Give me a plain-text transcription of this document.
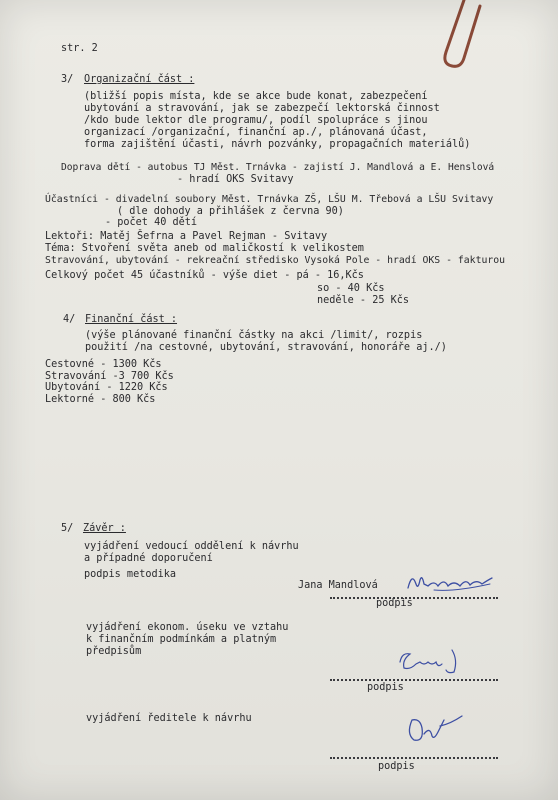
str. 2
3/ Organizační část :
(bližší popis místa, kde se akce bude konat, zabezpečení
ubytování a stravování, jak se zabezpečí lektorská činnost
/kdo bude lektor dle programu/, podíl spolupráce s jinou
organizací /organizační, finanční ap./, plánovaná účast,
forma zajištění účasti, návrh pozvánky, propagačních materiálů)
Doprava dětí - autobus TJ Měst. Trnávka - zajistí J. Mandlová a E. Henslová
- hradí OKS Svitavy
Účastníci - divadelní soubory Měst. Trnávka ZŠ, LŠU M. Třebová a LŠU Svitavy
( dle dohody a přihlášek z června 90)
- počet 40 dětí
Lektoři: Matěj Šefrna a Pavel Rejman - Svitavy
Téma: Stvoření světa aneb od maličkostí k velikostem
Stravování, ubytování - rekreační středisko Vysoká Pole - hradí OKS - fakturou
Celkový počet 45 účastníků - výše diet - pá - 16,Kčs
so - 40 Kčs
neděle - 25 Kčs
4/ Finanční část :
(výše plánované finanční částky na akci /limit/, rozpis
použití /na cestovné, ubytování, stravování, honoráře aj./)
Cestovné - 1300 Kčs
Stravování -3 700 Kčs
Ubytování - 1220 Kčs
Lektorné - 800 Kčs
5/ Závěr :
vyjádření vedoucí oddělení k návrhu
a případné doporučení
podpis metodika
Jana Mandlová
podpis
vyjádření ekonom. úseku ve vztahu
k finančním podmínkám a platným
předpisům
podpis
vyjádření ředitele k návrhu
podpis
